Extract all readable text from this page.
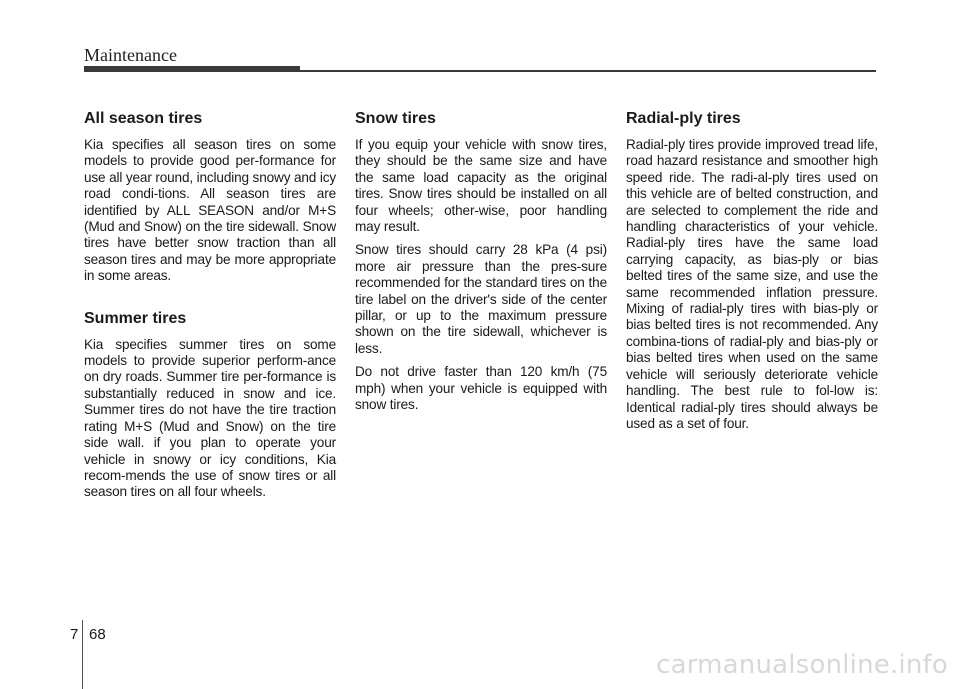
Maintenance
All season tires

Kia specifies all season tires on some models to provide good per-formance for use all year round, including snowy and icy road condi-tions. All season tires are identified by ALL SEASON and/or M+S (Mud and Snow) on the tire sidewall. Snow tires have better snow traction than all season tires and may be more appropriate in some areas.

Summer tires

Kia specifies summer tires on some models to provide superior perform-ance on dry roads. Summer tire per-formance is substantially reduced in snow and ice. Summer tires do not have the tire traction rating M+S (Mud and Snow) on the tire side wall. if you plan to operate your vehicle in snowy or icy conditions, Kia recom-mends the use of snow tires or all season tires on all four wheels.

Snow tires

If you equip your vehicle with snow tires, they should be the same size and have the same load capacity as the original tires. Snow tires should be installed on all four wheels; other-wise, poor handling may result.

Snow tires should carry 28 kPa (4 psi) more air pressure than the pres-sure recommended for the standard tires on the tire label on the driver's side of the center pillar, or up to the maximum pressure shown on the tire sidewall, whichever is less.

Do not drive faster than 120 km/h (75 mph) when your vehicle is equipped with snow tires.

Radial-ply tires

Radial-ply tires provide improved tread life, road hazard resistance and smoother high speed ride. The radi-al-ply tires used on this vehicle are of belted construction, and are selected to complement the ride and handling characteristics of your vehicle. Radial-ply tires have the same load carrying capacity, as bias-ply or bias belted tires of the same size, and use the same recommended inflation pressure. Mixing of radial-ply tires with bias-ply or bias belted tires is not recommended. Any combina-tions of radial-ply and bias-ply or bias belted tires when used on the same vehicle will seriously deteriorate vehicle handling. The best rule to fol-low is: Identical radial-ply tires should always be used as a set of four.

7 68
carmanualsonline.info
